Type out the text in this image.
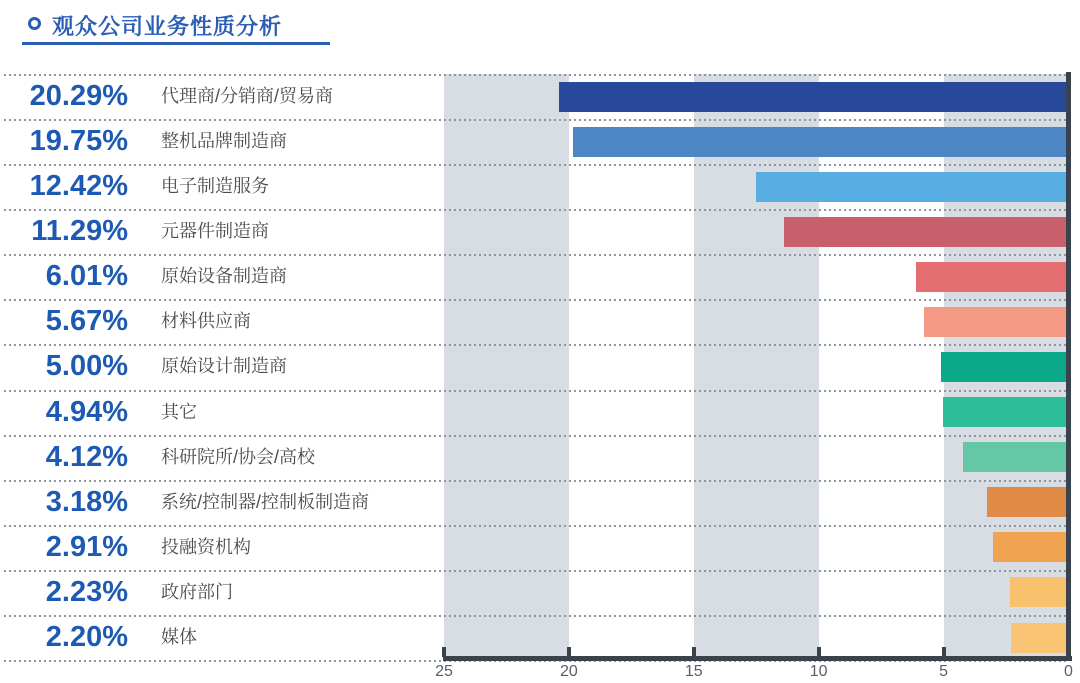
观众公司业务性质分析
20.29% 代理商/分销商/贸易商
19.75% 整机品牌制造商
12.42% 电子制造服务
11.29% 元器件制造商
6.01% 原始设备制造商
5.67% 材料供应商
5.00% 原始设计制造商
4.94% 其它
4.12% 科研院所/协会/高校
3.18% 系统/控制器/控制板制造商
2.91% 投融资机构
2.23% 政府部门
2.20% 媒体
25	20	15	10	5	0
